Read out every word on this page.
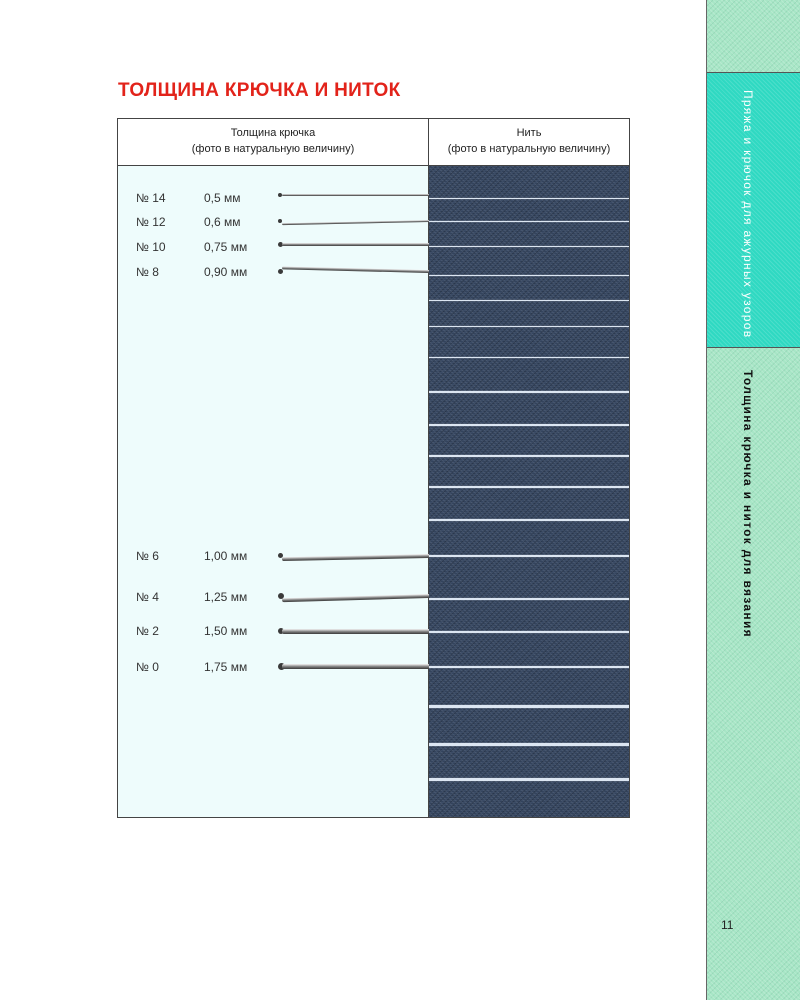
ТОЛЩИНА КРЮЧКА И НИТОК
Толщина крючка
(фото в натуральную величину)
Нить
(фото в натуральную величину)
№ 14	0,5 мм
№ 12	0,6 мм
№ 10	0,75 мм
№ 8	0,90 мм
№ 6	1,00 мм
№ 4	1,25 мм
№ 2	1,50 мм
№ 0	1,75 мм
Пряжа и крючок для ажурных узоров
Толщина крючка и ниток для вязания
11
